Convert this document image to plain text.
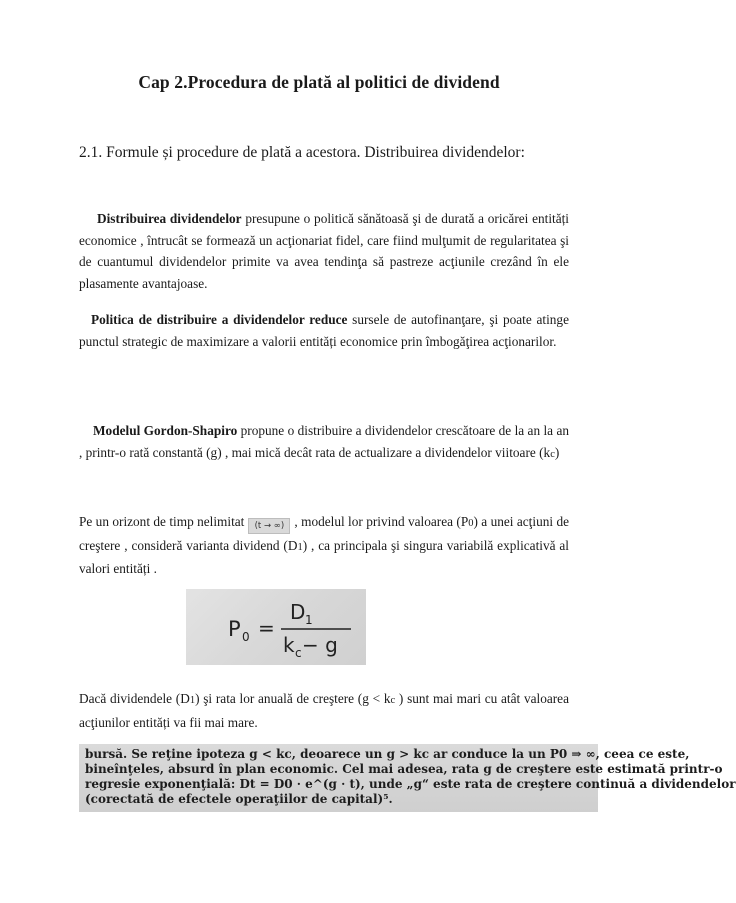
Cap 2.Procedura de plată al politici de dividend
2.1. Formule și procedure de plată a acestora. Distribuirea dividendelor:
Distribuirea dividendelor presupune o politică sănătoasă şi de durată a oricărei entități economice , întrucât se formează un acţionariat fidel, care fiind mulţumit de regularitatea şi de cuantumul dividendelor primite va avea tendinţa să pastreze acţiunile crezând în ele plasamente avantajoase.
Politica de distribuire a dividendelor reduce sursele de autofinanţare, şi poate atinge punctul strategic de maximizare a valorii entități economice prin îmbogăţirea acţionarilor.
Modelul Gordon-Shapiro propune o distribuire a dividendelor crescătoare de la an la an , printr-o rată constantă (g) , mai mică decât rata de actualizare a dividendelor viitoare (kc)
Pe un orizont de timp nelimitat (t → ∞) , modelul lor privind valoarea (P0) a unei acţiuni de creştere , consideră varianta dividend (D1) , ca principala şi singura variabilă explicativă al valori entități .
P 0 =
D 1
k c − g
Dacă dividendele (D1) şi rata lor anuală de creştere (g < kc ) sunt mai mari cu atât valoarea acţiunilor entități va fii mai mare.
bursă. Se reţine ipoteza g < kc, deoarece un g > kc ar conduce la un P0 ⇒ ∞, ceea ce este,
bineînţeles, absurd în plan economic. Cel mai adesea, rata g de creştere este estimată printr-o
regresie exponenţială: Dt = D0 · e^(g · t), unde „g“ este rata de creştere continuă a dividendelor
(corectată de efectele operaţiilor de capital)⁵.
